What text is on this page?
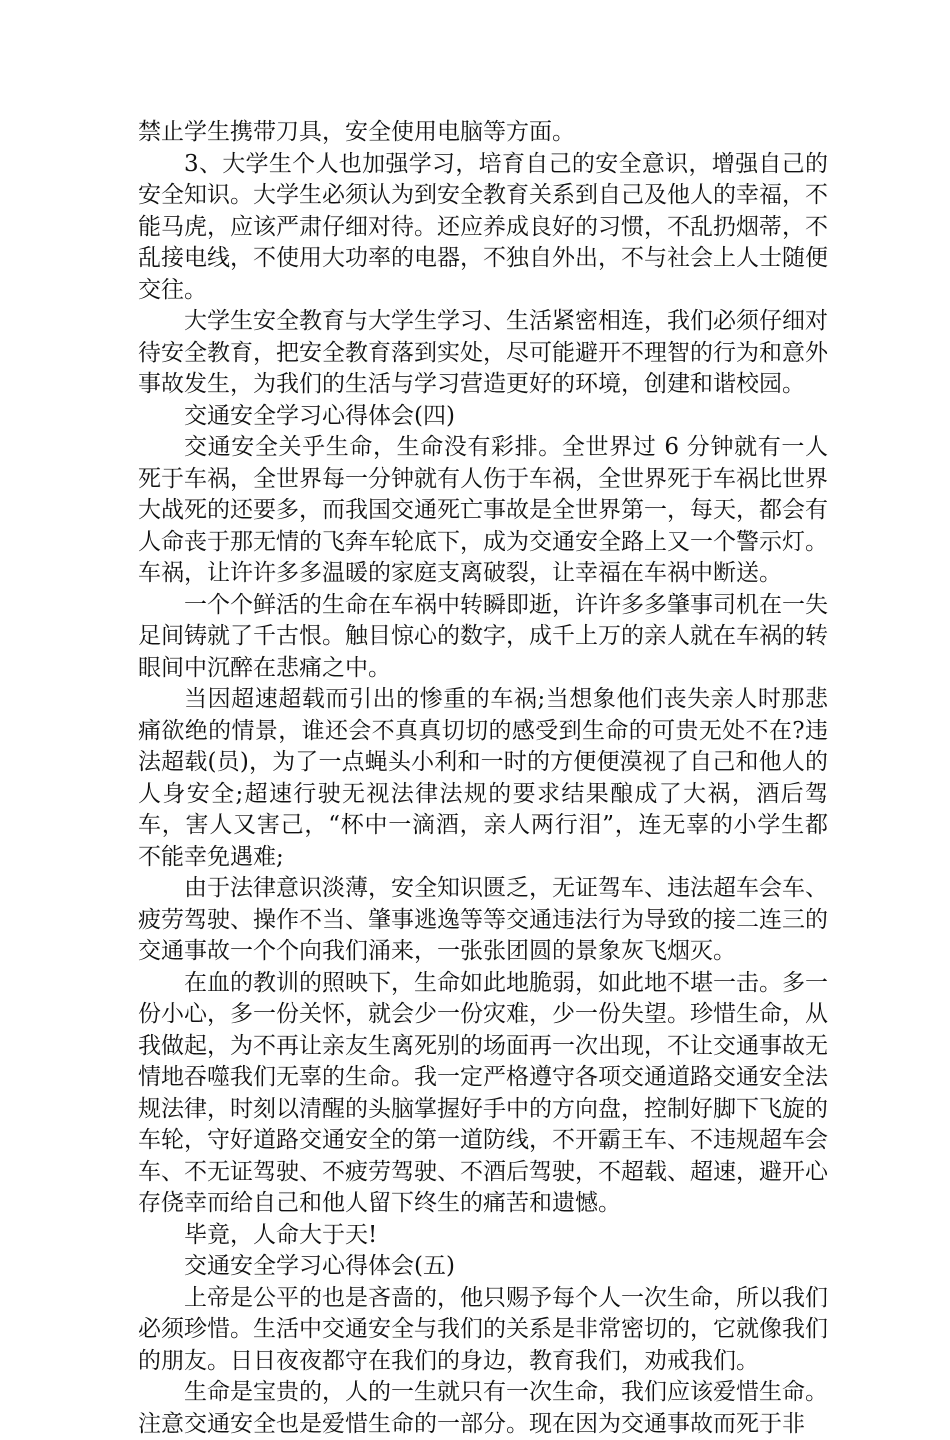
禁止学生携带刀具，安全使用电脑等方面。

3、大学生个人也加强学习，培育自己的安全意识，增强自己的安全知识。大学生必须认为到安全教育关系到自己及他人的幸福，不能马虎，应该严肃仔细对待。还应养成良好的习惯，不乱扔烟蒂，不乱接电线，不使用大功率的电器，不独自外出，不与社会上人士随便交往。

大学生安全教育与大学生学习、生活紧密相连，我们必须仔细对待安全教育，把安全教育落到实处，尽可能避开不理智的行为和意外事故发生，为我们的生活与学习营造更好的环境，创建和谐校园。

交通安全学习心得体会(四)

交通安全关乎生命，生命没有彩排。全世界过 6 分钟就有一人死于车祸，全世界每一分钟就有人伤于车祸，全世界死于车祸比世界大战死的还要多，而我国交通死亡事故是全世界第一，每天，都会有人命丧于那无情的飞奔车轮底下，成为交通安全路上又一个警示灯。车祸，让许许多多温暖的家庭支离破裂，让幸福在车祸中断送。

一个个鲜活的生命在车祸中转瞬即逝，许许多多肇事司机在一失足间铸就了千古恨。触目惊心的数字，成千上万的亲人就在车祸的转眼间中沉醉在悲痛之中。

当因超速超载而引出的惨重的车祸;当想象他们丧失亲人时那悲痛欲绝的情景，谁还会不真真切切的感受到生命的可贵无处不在?违法超载(员)，为了一点蝇头小利和一时的方便便漠视了自己和他人的人身安全;超速行驶无视法律法规的要求结果酿成了大祸，酒后驾车，害人又害己，“杯中一滴酒，亲人两行泪”，连无辜的小学生都不能幸免遇难;

由于法律意识淡薄，安全知识匮乏，无证驾车、违法超车会车、疲劳驾驶、操作不当、肇事逃逸等等交通违法行为导致的接二连三的交通事故一个个向我们涌来，一张张团圆的景象灰飞烟灭。

在血的教训的照映下，生命如此地脆弱，如此地不堪一击。多一份小心，多一份关怀，就会少一份灾难，少一份失望。珍惜生命，从我做起，为不再让亲友生离死别的场面再一次出现，不让交通事故无情地吞噬我们无辜的生命。我一定严格遵守各项交通道路交通安全法规法律，时刻以清醒的头脑掌握好手中的方向盘，控制好脚下飞旋的车轮，守好道路交通安全的第一道防线，不开霸王车、不违规超车会车、不无证驾驶、不疲劳驾驶、不酒后驾驶，不超载、超速，避开心存侥幸而给自己和他人留下终生的痛苦和遗憾。

毕竟，人命大于天!

交通安全学习心得体会(五)

上帝是公平的也是吝啬的，他只赐予每个人一次生命，所以我们必须珍惜。生活中交通安全与我们的关系是非常密切的，它就像我们的朋友。日日夜夜都守在我们的身边，教育我们，劝戒我们。

生命是宝贵的，人的一生就只有一次生命，我们应该爱惜生命。注意交通安全也是爱惜生命的一部分。现在因为交通事故而死于非
